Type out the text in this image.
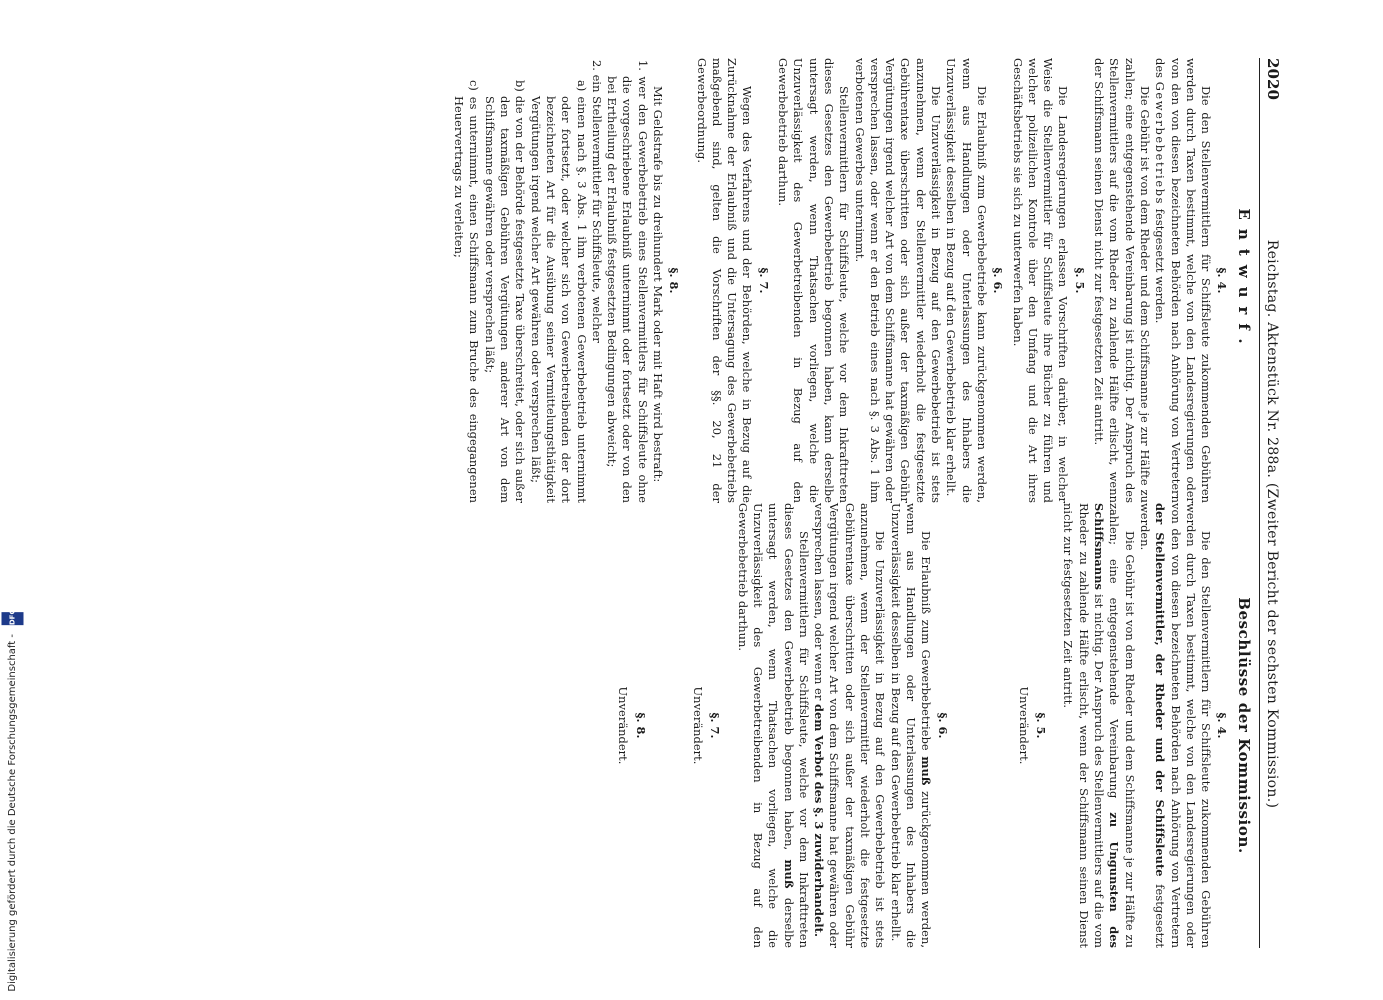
2020
Reichstag. Aktenstück Nr. 288a. (Zweiter Bericht der sechsten Kommission.)
Entwurf.
§. 4.

Die den Stellenvermittlern für Schiffsleute zukommenden Gebühren werden durch Taxen bestimmt, welche von den Landesregierungen oder von den von diesen bezeichneten Behörden nach Anhörung von Vertretern des Gewerbebetriebs festgesetzt werden.

Die Gebühr ist von dem Rheder und dem Schiffsmanne je zur Hälfte zu zahlen; eine entgegenstehende Vereinbarung ist nichtig. Der Anspruch des Stellenvermittlers auf die vom Rheder zu zahlende Hälfte erlischt, wenn der Schiffsmann seinen Dienst nicht zur festgesetzten Zeit antritt.

§. 5.

Die Landesregierungen erlassen Vorschriften darüber, in welcher Weise die Stellenvermittler für Schiffsleute ihre Bücher zu führen und welcher polizeilichen Kontrole über den Umfang und die Art ihres Geschäftsbetriebs sie sich zu unterwerfen haben.

§. 6.

Die Erlaubniß zum Gewerbebetriebe kann zurückgenommen werden, wenn aus Handlungen oder Unterlassungen des Inhabers die Unzuverlässigkeit desselben in Bezug auf den Gewerbebetrieb klar erhellt.

Die Unzuverlässigkeit in Bezug auf den Gewerbebetrieb ist stets anzunehmen, wenn der Stellenvermittler wiederholt die festgesetzte Gebührentaxe überschritten oder sich außer der taxmäßigen Gebühr Vergütungen irgend welcher Art von dem Schiffsmanne hat gewähren oder versprechen lassen, oder wenn er den Betrieb eines nach §. 3 Abs. 1 ihm verbotenen Gewerbes unternimmt.

Stellenvermittlern für Schiffsleute, welche vor dem Inkrafttreten dieses Gesetzes den Gewerbebetrieb begonnen haben, kann derselbe untersagt werden, wenn Thatsachen vorliegen, welche die Unzuverlässigkeit des Gewerbetreibenden in Bezug auf den Gewerbebetrieb darthun.

§. 7.

Wegen des Verfahrens und der Behörden, welche in Bezug auf die Zurücknahme der Erlaubniß und die Untersagung des Gewerbebetriebs maßgebend sind, gelten die Vorschriften der §§. 20, 21 der Gewerbeordnung.

§. 8.

Mit Geldstrafe bis zu dreihundert Mark oder mit Haft wird bestraft:

1. wer den Gewerbebetrieb eines Stellenvermittlers für Schiffsleute ohne die vorgeschriebene Erlaubniß unternimmt oder fortsetzt oder von den bei Ertheilung der Erlaubniß festgesetzten Bedingungen abweicht;

2. ein Stellenvermittler für Schiffsleute, welcher

a) einen nach §. 3 Abs. 1 ihm verbotenen Gewerbebetrieb unternimmt oder fortsetzt, oder welcher sich von Gewerbetreibenden der dort bezeichneten Art für die Ausübung seiner Vermittelungsthätigkeit Vergütungen irgend welcher Art gewähren oder versprechen läßt;

b) die von der Behörde festgesetzte Taxe überschreitet, oder sich außer den taxmäßigen Gebühren Vergütungen anderer Art von dem Schiffsmanne gewähren oder versprechen läßt;

c) es unternimmt, einen Schiffsmann zum Bruche des eingegangenen Heuervertrags zu verleiten;

Beschlüsse der Kommission.
§. 4.

Die den Stellenvermittlern für Schiffsleute zukommenden Gebühren werden durch Taxen bestimmt, welche von den Landesregierungen oder von den von diesen bezeichneten Behörden nach Anhörung von Vertretern der Stellenvermittler, der Rheder und der Schiffsleute festgesetzt werden.

Die Gebühr ist von dem Rheder und dem Schiffsmanne je zur Hälfte zu zahlen; eine entgegenstehende Vereinbarung zu Ungunsten des Schiffsmanns ist nichtig. Der Anspruch des Stellenvermittlers auf die vom Rheder zu zahlende Hälfte erlischt, wenn der Schiffsmann seinen Dienst nicht zur festgesetzten Zeit antritt.

§. 5.
Unverändert.
§. 6.

Die Erlaubniß zum Gewerbebetriebe muß zurückgenommen werden, wenn aus Handlungen oder Unterlassungen des Inhabers die Unzuverlässigkeit desselben in Bezug auf den Gewerbebetrieb klar erhellt.

Die Unzuverlässigkeit in Bezug auf den Gewerbebetrieb ist stets anzunehmen, wenn der Stellenvermittler wiederholt die festgesetzte Gebührentaxe überschritten oder sich außer der taxmäßigen Gebühr Vergütungen irgend welcher Art von dem Schiffsmanne hat gewähren oder versprechen lassen, oder wenn er dem Verbot des §. 3 zuwiderhandelt.

Stellenvermittlern für Schiffsleute, welche vor dem Inkrafttreten dieses Gesetzes den Gewerbebetrieb begonnen haben, muß derselbe untersagt werden, wenn Thatsachen vorliegen, welche die Unzuverlässigkeit des Gewerbetreibenden in Bezug auf den Gewerbebetrieb darthun.

§. 7.
Unverändert.
§. 8.
Unverändert.
Digitalisierung gefördert durch die Deutsche Forschungsgemeinschaft -
DFG
